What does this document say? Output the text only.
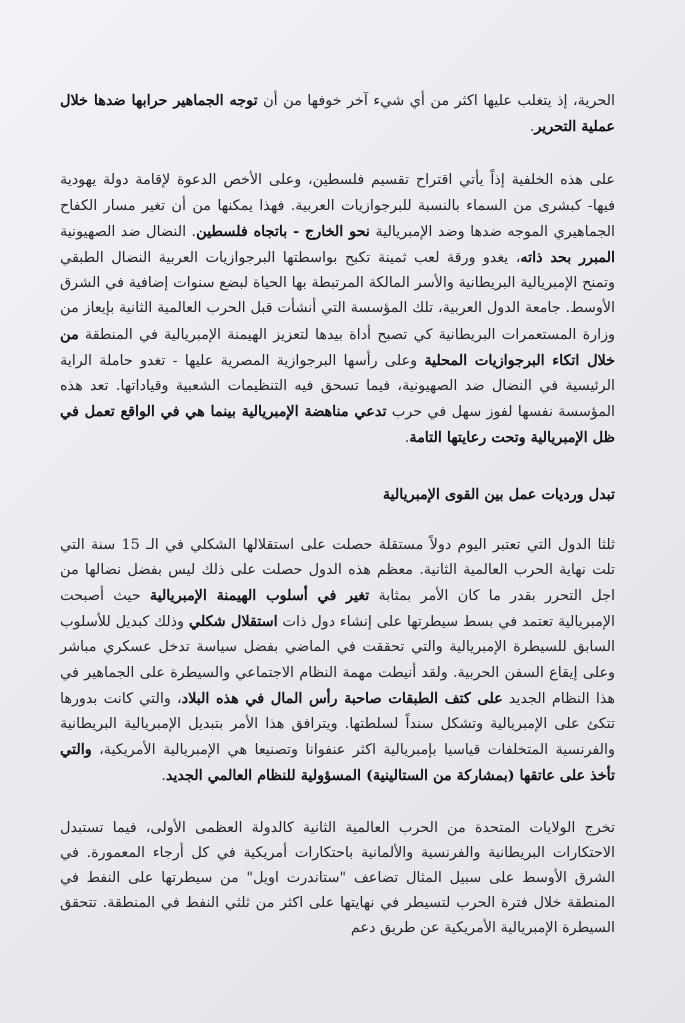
الحرية، إذ يتغلب عليها اكثر من أي شيء آخر خوفها من أن توجه الجماهير حرابها ضدها خلال عملية التحرير.

على هذه الخلفية إذاً يأتي اقتراح تقسيم فلسطين، وعلى الأخص الدعوة لإقامة دولة يهودية فيها- كبشرى من السماء بالنسبة للبرجوازيات العربية. فهذا يمكنها من أن تغير مسار الكفاح الجماهيري الموجه ضدها وضد الإمبريالية نحو الخارج - باتجاه فلسطين. النضال ضد الصهيونية المبرر بحد ذاته، يغدو ورقة لعب ثمينة تكبح بواسطتها البرجوازيات العربية النضال الطبقي وتمنح الإمبريالية البريطانية والأسر المالكة المرتبطة بها الحياة لبضع سنوات إضافية في الشرق الأوسط. جامعة الدول العربية، تلك المؤسسة التي أنشأت قبل الحرب العالمية الثانية بإيعاز من وزارة المستعمرات البريطانية كي تصبح أداة بيدها لتعزيز الهيمنة الإمبريالية في المنطقة من خلال اتكاء البرجوازيات المحلية وعلى رأسها البرجوازية المصرية عليها - تغدو حاملة الراية الرئيسية في النضال ضد الصهيونية، فيما تسحق فيه التنظيمات الشعبية وقياداتها. تعد هذه المؤسسة نفسها لفوز سهل في حرب تدعي مناهضة الإمبريالية بينما هي في الواقع تعمل في ظل الإمبريالية وتحت رعايتها التامة.

تبدل ورديات عمل بين القوى الإمبريالية

ثلثا الدول التي تعتبر اليوم دولاً مستقلة حصلت على استقلالها الشكلي في الـ 15 سنة التي تلت نهاية الحرب العالمية الثانية. معظم هذه الدول حصلت على ذلك ليس بفضل نضالها من اجل التحرر بقدر ما كان الأمر بمثابة تغير في أسلوب الهيمنة الإمبريالية حيث أصبحت الإمبريالية تعتمد في بسط سيطرتها على إنشاء دول ذات استقلال شكلي وذلك كبديل للأسلوب السابق للسيطرة الإمبريالية والتي تحققت في الماضي بفضل سياسة تدخل عسكري مباشر وعلى إيقاع السفن الحربية. ولقد أنيطت مهمة النظام الاجتماعي والسيطرة على الجماهير في هذا النظام الجديد على كتف الطبقات صاحبة رأس المال في هذه البلاد، والتي كانت بدورها تتكئ على الإمبريالية وتشكل سنداً لسلطتها. ويترافق هذا الأمر بتبديل الإمبريالية البريطانية والفرنسية المتخلفات قياسيا بإمبريالية اكثر عنفوانا وتصنيعا هي الإمبريالية الأمريكية، والتي تأخذ على عاتقها (بمشاركة من الستالينية) المسؤولية للنظام العالمي الجديد.

تخرج الولايات المتحدة من الحرب العالمية الثانية كالدولة العظمى الأولى، فيما تستبدل الاحتكارات البريطانية والفرنسية والألمانية باحتكارات أمريكية في كل أرجاء المعمورة. في الشرق الأوسط على سبيل المثال تضاعف "ستاندرت اويل" من سيطرتها على النفط في المنطقة خلال فترة الحرب لتسيطر في نهايتها على اكثر من ثلثي النفط في المنطقة. تتحقق السيطرة الإمبريالية الأمريكية عن طريق دعم
